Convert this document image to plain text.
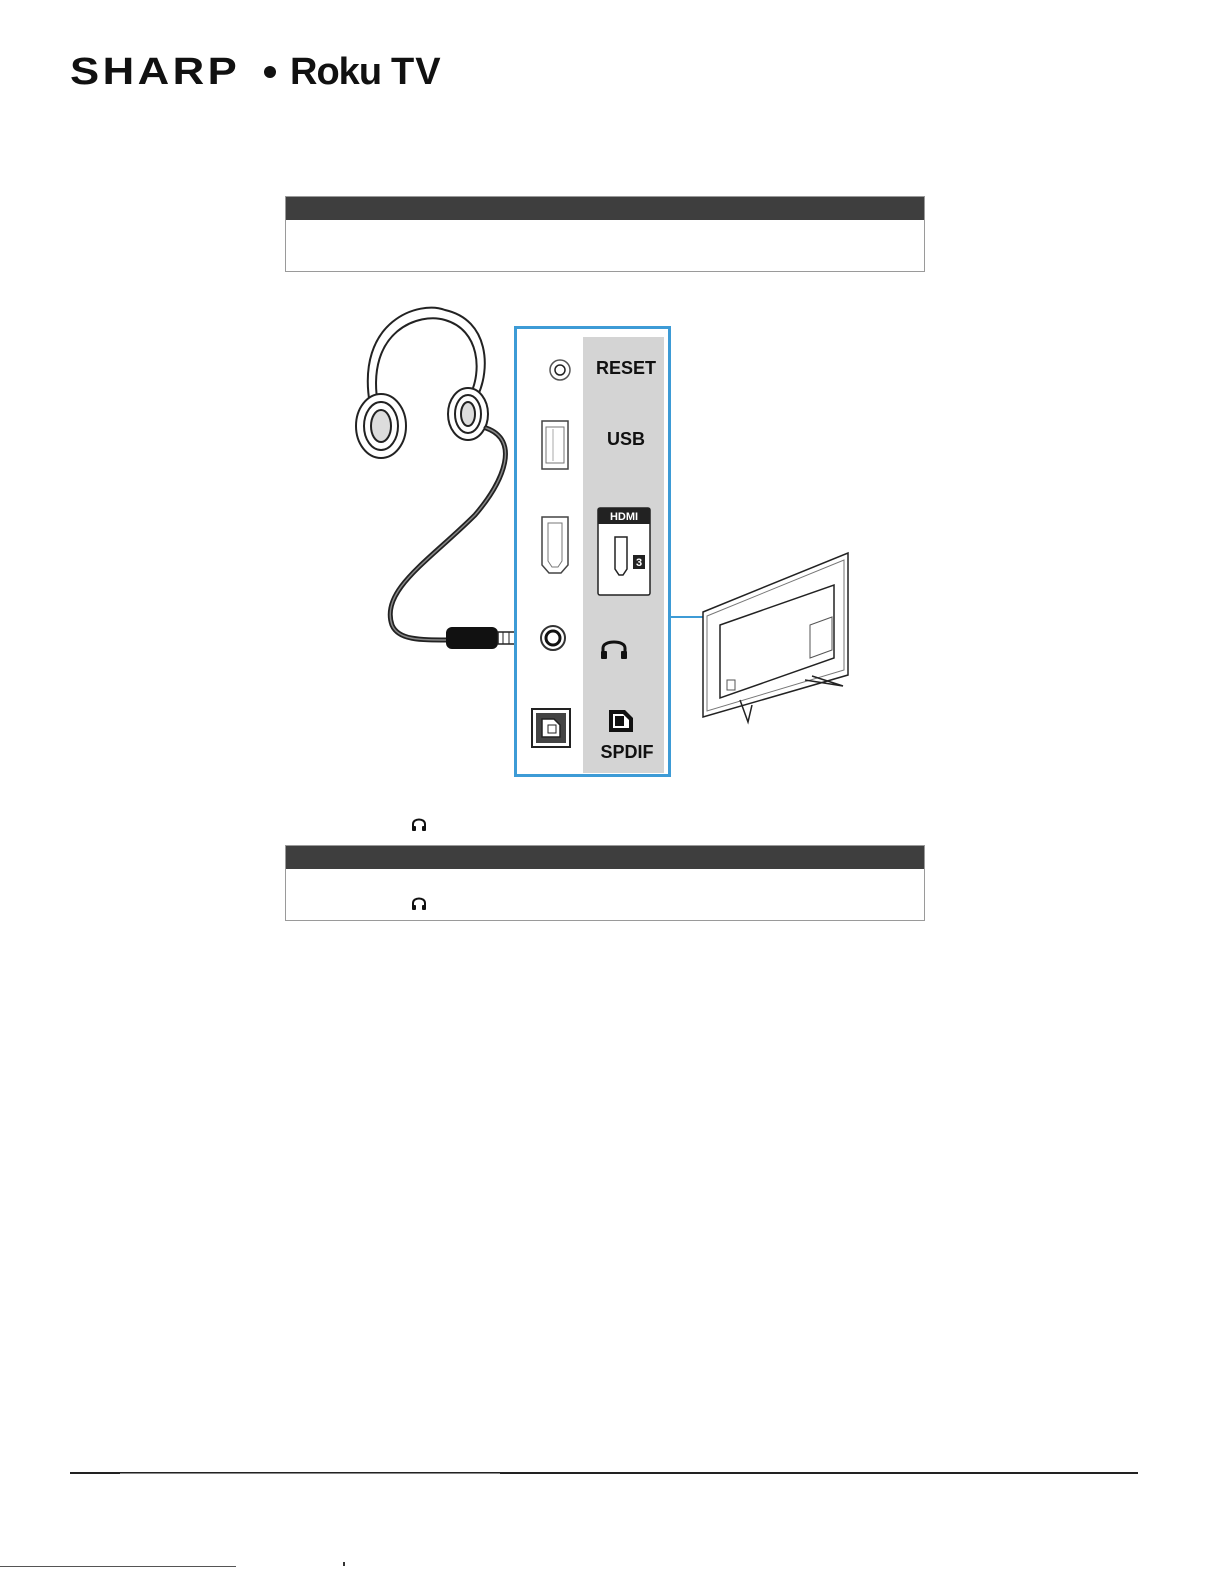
SHARP Roku TV
RESET
USB
HDMI
3
SPDIF
